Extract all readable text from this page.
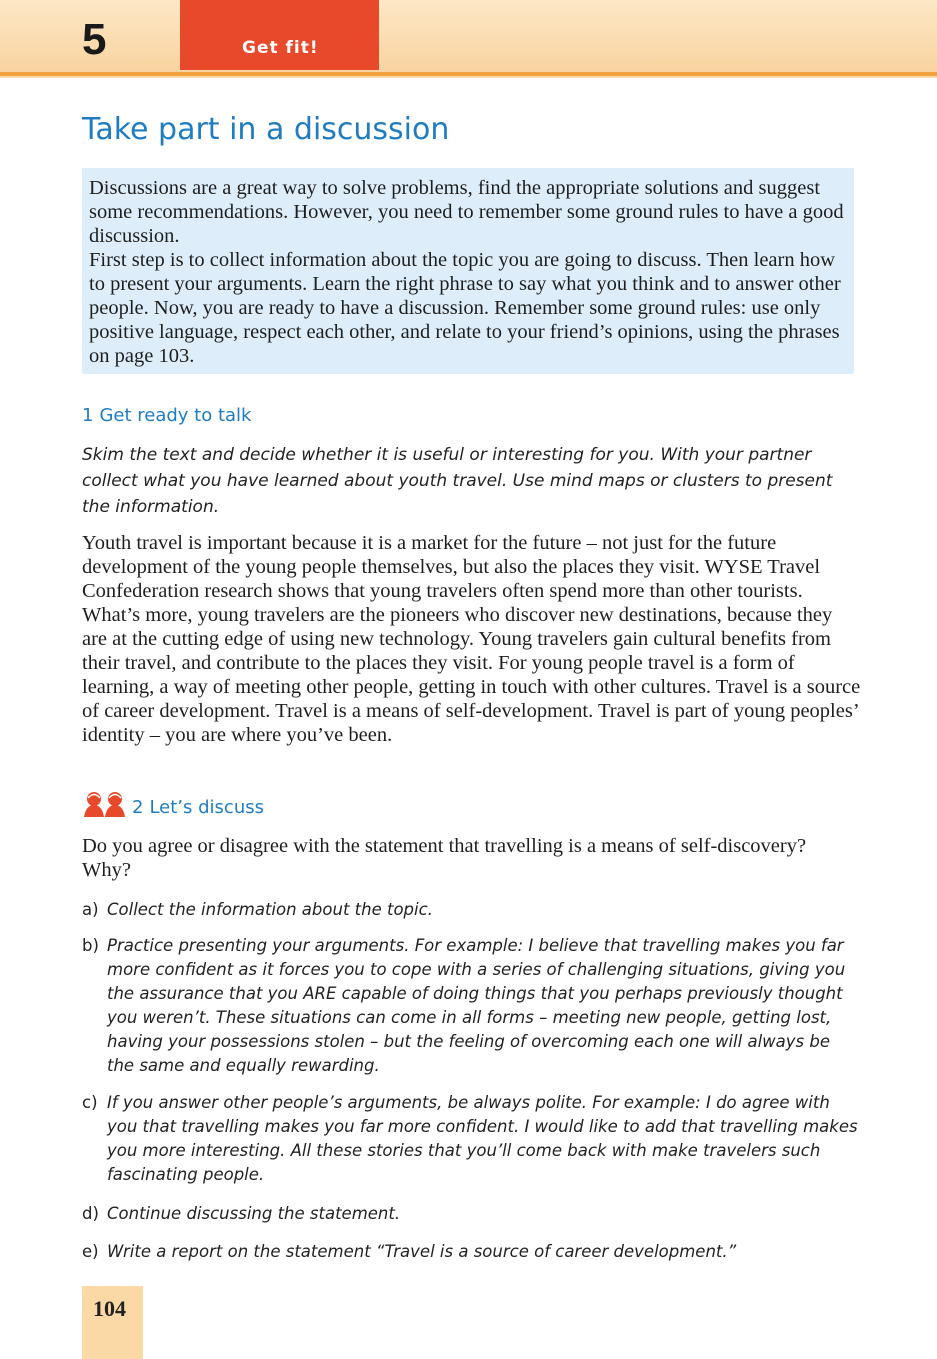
5	Get fit!
Take part in a discussion

Discussions are a great way to solve problems, find the appropriate solutions and suggest some recommendations. However, you need to remember some ground rules to have a good discussion.

First step is to collect information about the topic you are going to discuss. Then learn how to present your arguments. Learn the right phrase to say what you think and to answer other people. Now, you are ready to have a discussion. Remember some ground rules: use only positive language, respect each other, and relate to your friend’s opinions, using the phrases on page 103.

1 Get ready to talk

Skim the text and decide whether it is useful or interesting for you. With your partner collect what you have learned about youth travel. Use mind maps or clusters to present the information.

Youth travel is important because it is a market for the future – not just for the future development of the young people themselves, but also the places they visit. WYSE Travel Confederation research shows that young travelers often spend more than other tourists. What’s more, young travelers are the pioneers who discover new destinations, because they are at the cutting edge of using new technology. Young travelers gain cultural benefits from their travel, and contribute to the places they visit. For young people travel is a form of learning, a way of meeting other people, getting in touch with other cultures. Travel is a source of career development. Travel is a means of self-development. Travel is part of young peoples’ identity – you are where you’ve been.

2 Let’s discuss

Do you agree or disagree with the statement that travelling is a means of self-discovery? Why?

a) Collect the information about the topic.
b) Practice presenting your arguments. For example: I believe that travelling makes you far more confident as it forces you to cope with a series of challenging situations, giving you the assurance that you ARE capable of doing things that you perhaps previously thought you weren’t. These situations can come in all forms – meeting new people, getting lost, having your possessions stolen – but the feeling of overcoming each one will always be the same and equally rewarding.
c) If you answer other people’s arguments, be always polite. For example: I do agree with you that travelling makes you far more confident. I would like to add that travelling makes you more interesting. All these stories that you’ll come back with make travelers such fascinating people.
d) Continue discussing the statement.
e) Write a report on the statement “Travel is a source of career development.”
104
